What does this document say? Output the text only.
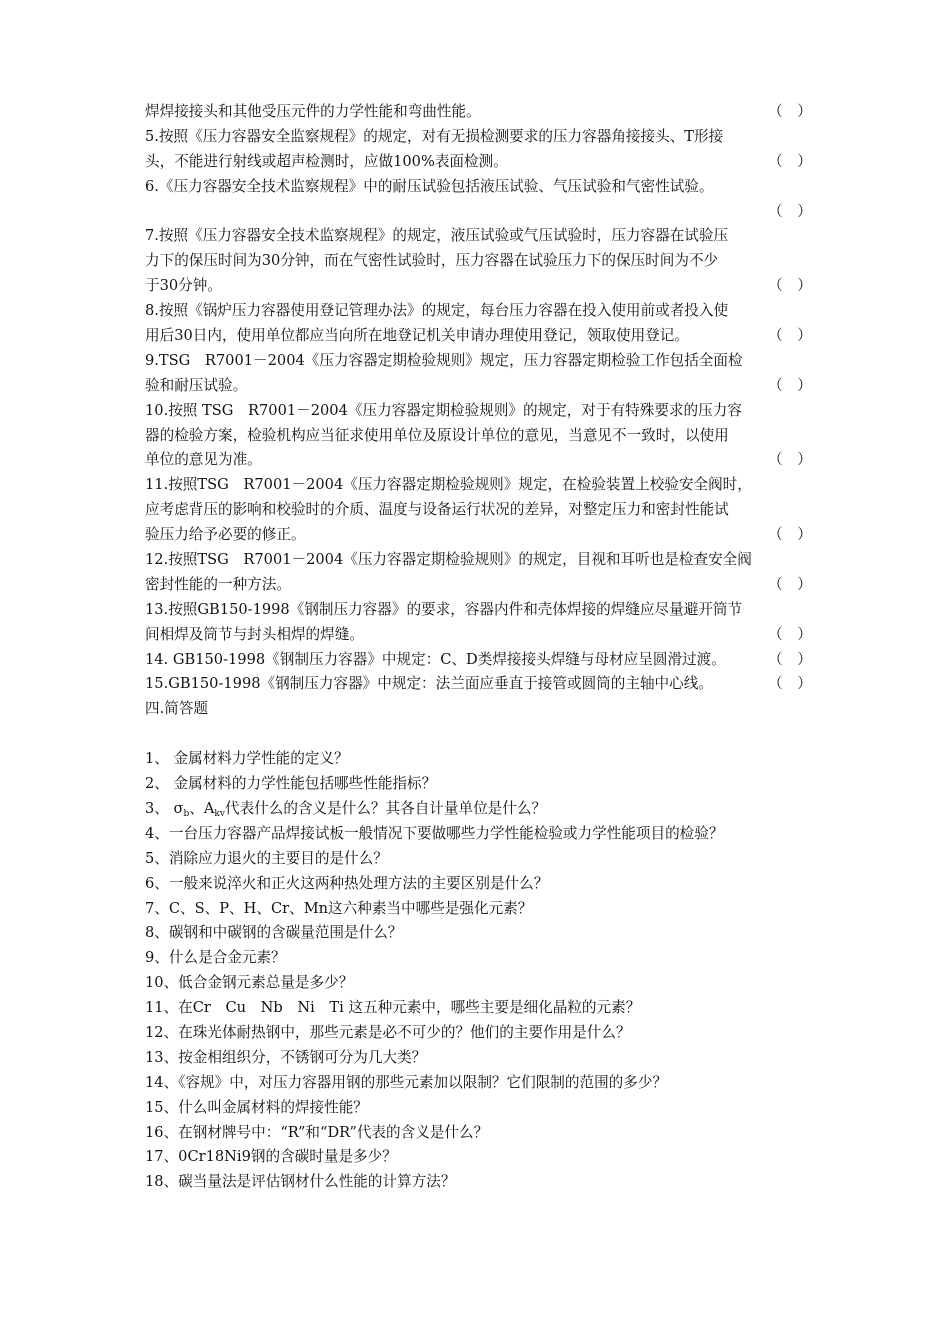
焊焊接接头和其他受压元件的力学性能和弯曲性能。	（　）
5.按照《压力容器安全监察规程》的规定，对有无损检测要求的压力容器角接接头、T形接
头，不能进行射线或超声检测时，应做100%表面检测。	（　）
6.《压力容器安全技术监察规程》中的耐压试验包括液压试验、气压试验和气密性试验。
（　）
7.按照《压力容器安全技术监察规程》的规定，液压试验或气压试验时，压力容器在试验压
力下的保压时间为30分钟，而在气密性试验时，压力容器在试验压力下的保压时间为不少
于30分钟。	（　）
8.按照《锅炉压力容器使用登记管理办法》的规定，每台压力容器在投入使用前或者投入使
用后30日内，使用单位都应当向所在地登记机关申请办理使用登记，领取使用登记。	（　）
9.TSG　R7001－2004《压力容器定期检验规则》规定，压力容器定期检验工作包括全面检
验和耐压试验。	（　）
10.按照 TSG　R7001－2004《压力容器定期检验规则》的规定，对于有特殊要求的压力容
器的检验方案，检验机构应当征求使用单位及原设计单位的意见，当意见不一致时，以使用
单位的意见为准。	（　）
11.按照TSG　R7001－2004《压力容器定期检验规则》规定，在检验装置上校验安全阀时，
应考虑背压的影响和校验时的介质、温度与设备运行状况的差异，对整定压力和密封性能试
验压力给予必要的修正。	（　）
12.按照TSG　R7001－2004《压力容器定期检验规则》的规定，目视和耳听也是检查安全阀
密封性能的一种方法。	（　）
13.按照GB150-1998《钢制压力容器》的要求，容器内件和壳体焊接的焊缝应尽量避开筒节
间相焊及筒节与封头相焊的焊缝。	（　）
14. GB150-1998《钢制压力容器》中规定：C、D类焊接接头焊缝与母材应呈圆滑过渡。	（　）
15.GB150-1998《钢制压力容器》中规定：法兰面应垂直于接管或圆筒的主轴中心线。	（　）
四.简答题
1、 金属材料力学性能的定义？
2、 金属材料的力学性能包括哪些性能指标？
3、 $\sigma_b$、$A_{kv}$代表什么的含义是什么？其各自计量单位是什么？
4、一台压力容器产品焊接试板一般情况下要做哪些力学性能检验或力学性能项目的检验？
5、消除应力退火的主要目的是什么？
6、一般来说淬火和正火这两种热处理方法的主要区别是什么？
7、C、S、P、H、Cr、Mn这六种素当中哪些是强化元素？
8、碳钢和中碳钢的含碳量范围是什么？
9、什么是合金元素？
10、低合金钢元素总量是多少？
11、在Cr　Cu　Nb　Ni　Ti 这五种元素中，哪些主要是细化晶粒的元素？
12、在珠光体耐热钢中，那些元素是必不可少的？他们的主要作用是什么？
13、按金相组织分，不锈钢可分为几大类？
14、《容规》中，对压力容器用钢的那些元素加以限制？它们限制的范围的多少？
15、什么叫金属材料的焊接性能？
16、在钢材牌号中：“R”和“DR”代表的含义是什么？
17、0Cr18Ni9钢的含碳时量是多少？
18、碳当量法是评估钢材什么性能的计算方法？
